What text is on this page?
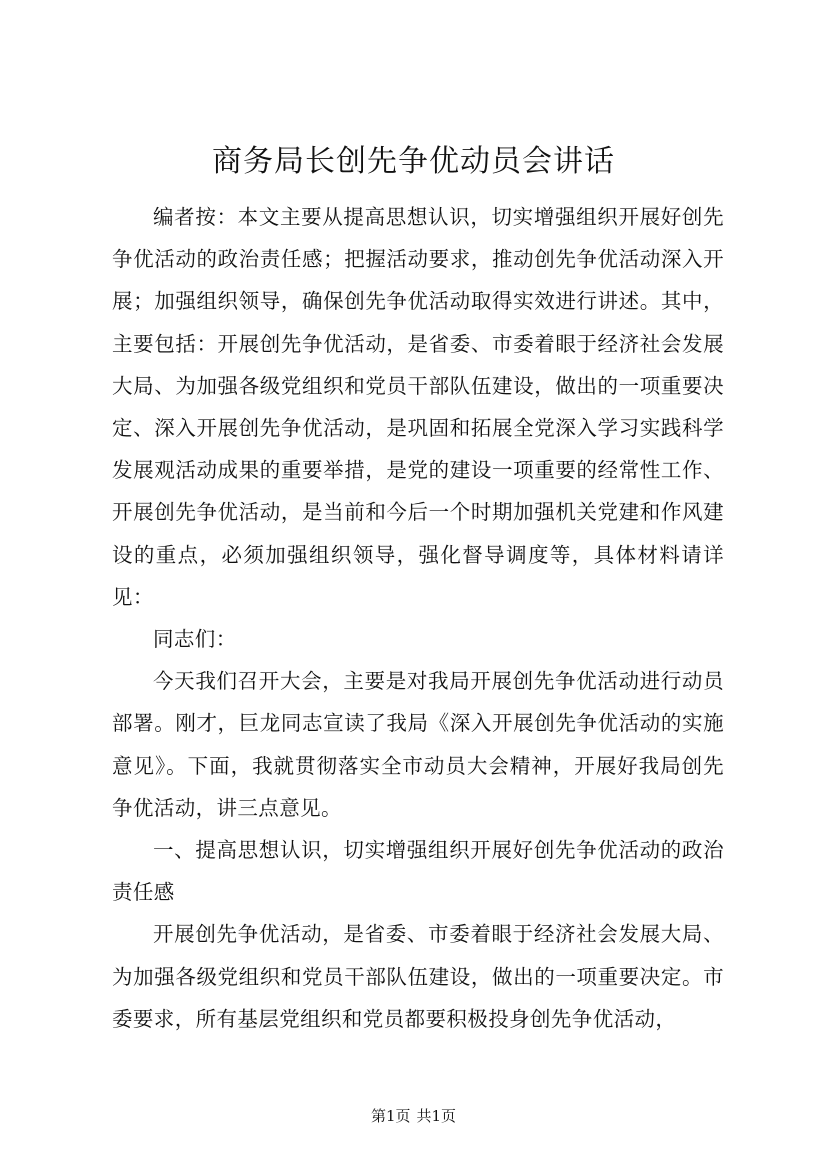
商务局长创先争优动员会讲话

编者按：本文主要从提高思想认识，切实增强组织开展好创先争优活动的政治责任感；把握活动要求，推动创先争优活动深入开展；加强组织领导，确保创先争优活动取得实效进行讲述。其中，主要包括：开展创先争优活动，是省委、市委着眼于经济社会发展大局、为加强各级党组织和党员干部队伍建设，做出的一项重要决定、深入开展创先争优活动，是巩固和拓展全党深入学习实践科学发展观活动成果的重要举措，是党的建设一项重要的经常性工作、开展创先争优活动，是当前和今后一个时期加强机关党建和作风建设的重点，必须加强组织领导，强化督导调度等，具体材料请详见：

同志们：

今天我们召开大会，主要是对我局开展创先争优活动进行动员部署。刚才，巨龙同志宣读了我局《深入开展创先争优活动的实施意见》。下面，我就贯彻落实全市动员大会精神，开展好我局创先争优活动，讲三点意见。

一、提高思想认识，切实增强组织开展好创先争优活动的政治责任感

开展创先争优活动，是省委、市委着眼于经济社会发展大局、为加强各级党组织和党员干部队伍建设，做出的一项重要决定。市委要求，所有基层党组织和党员都要积极投身创先争优活动，

第1页 共1页
